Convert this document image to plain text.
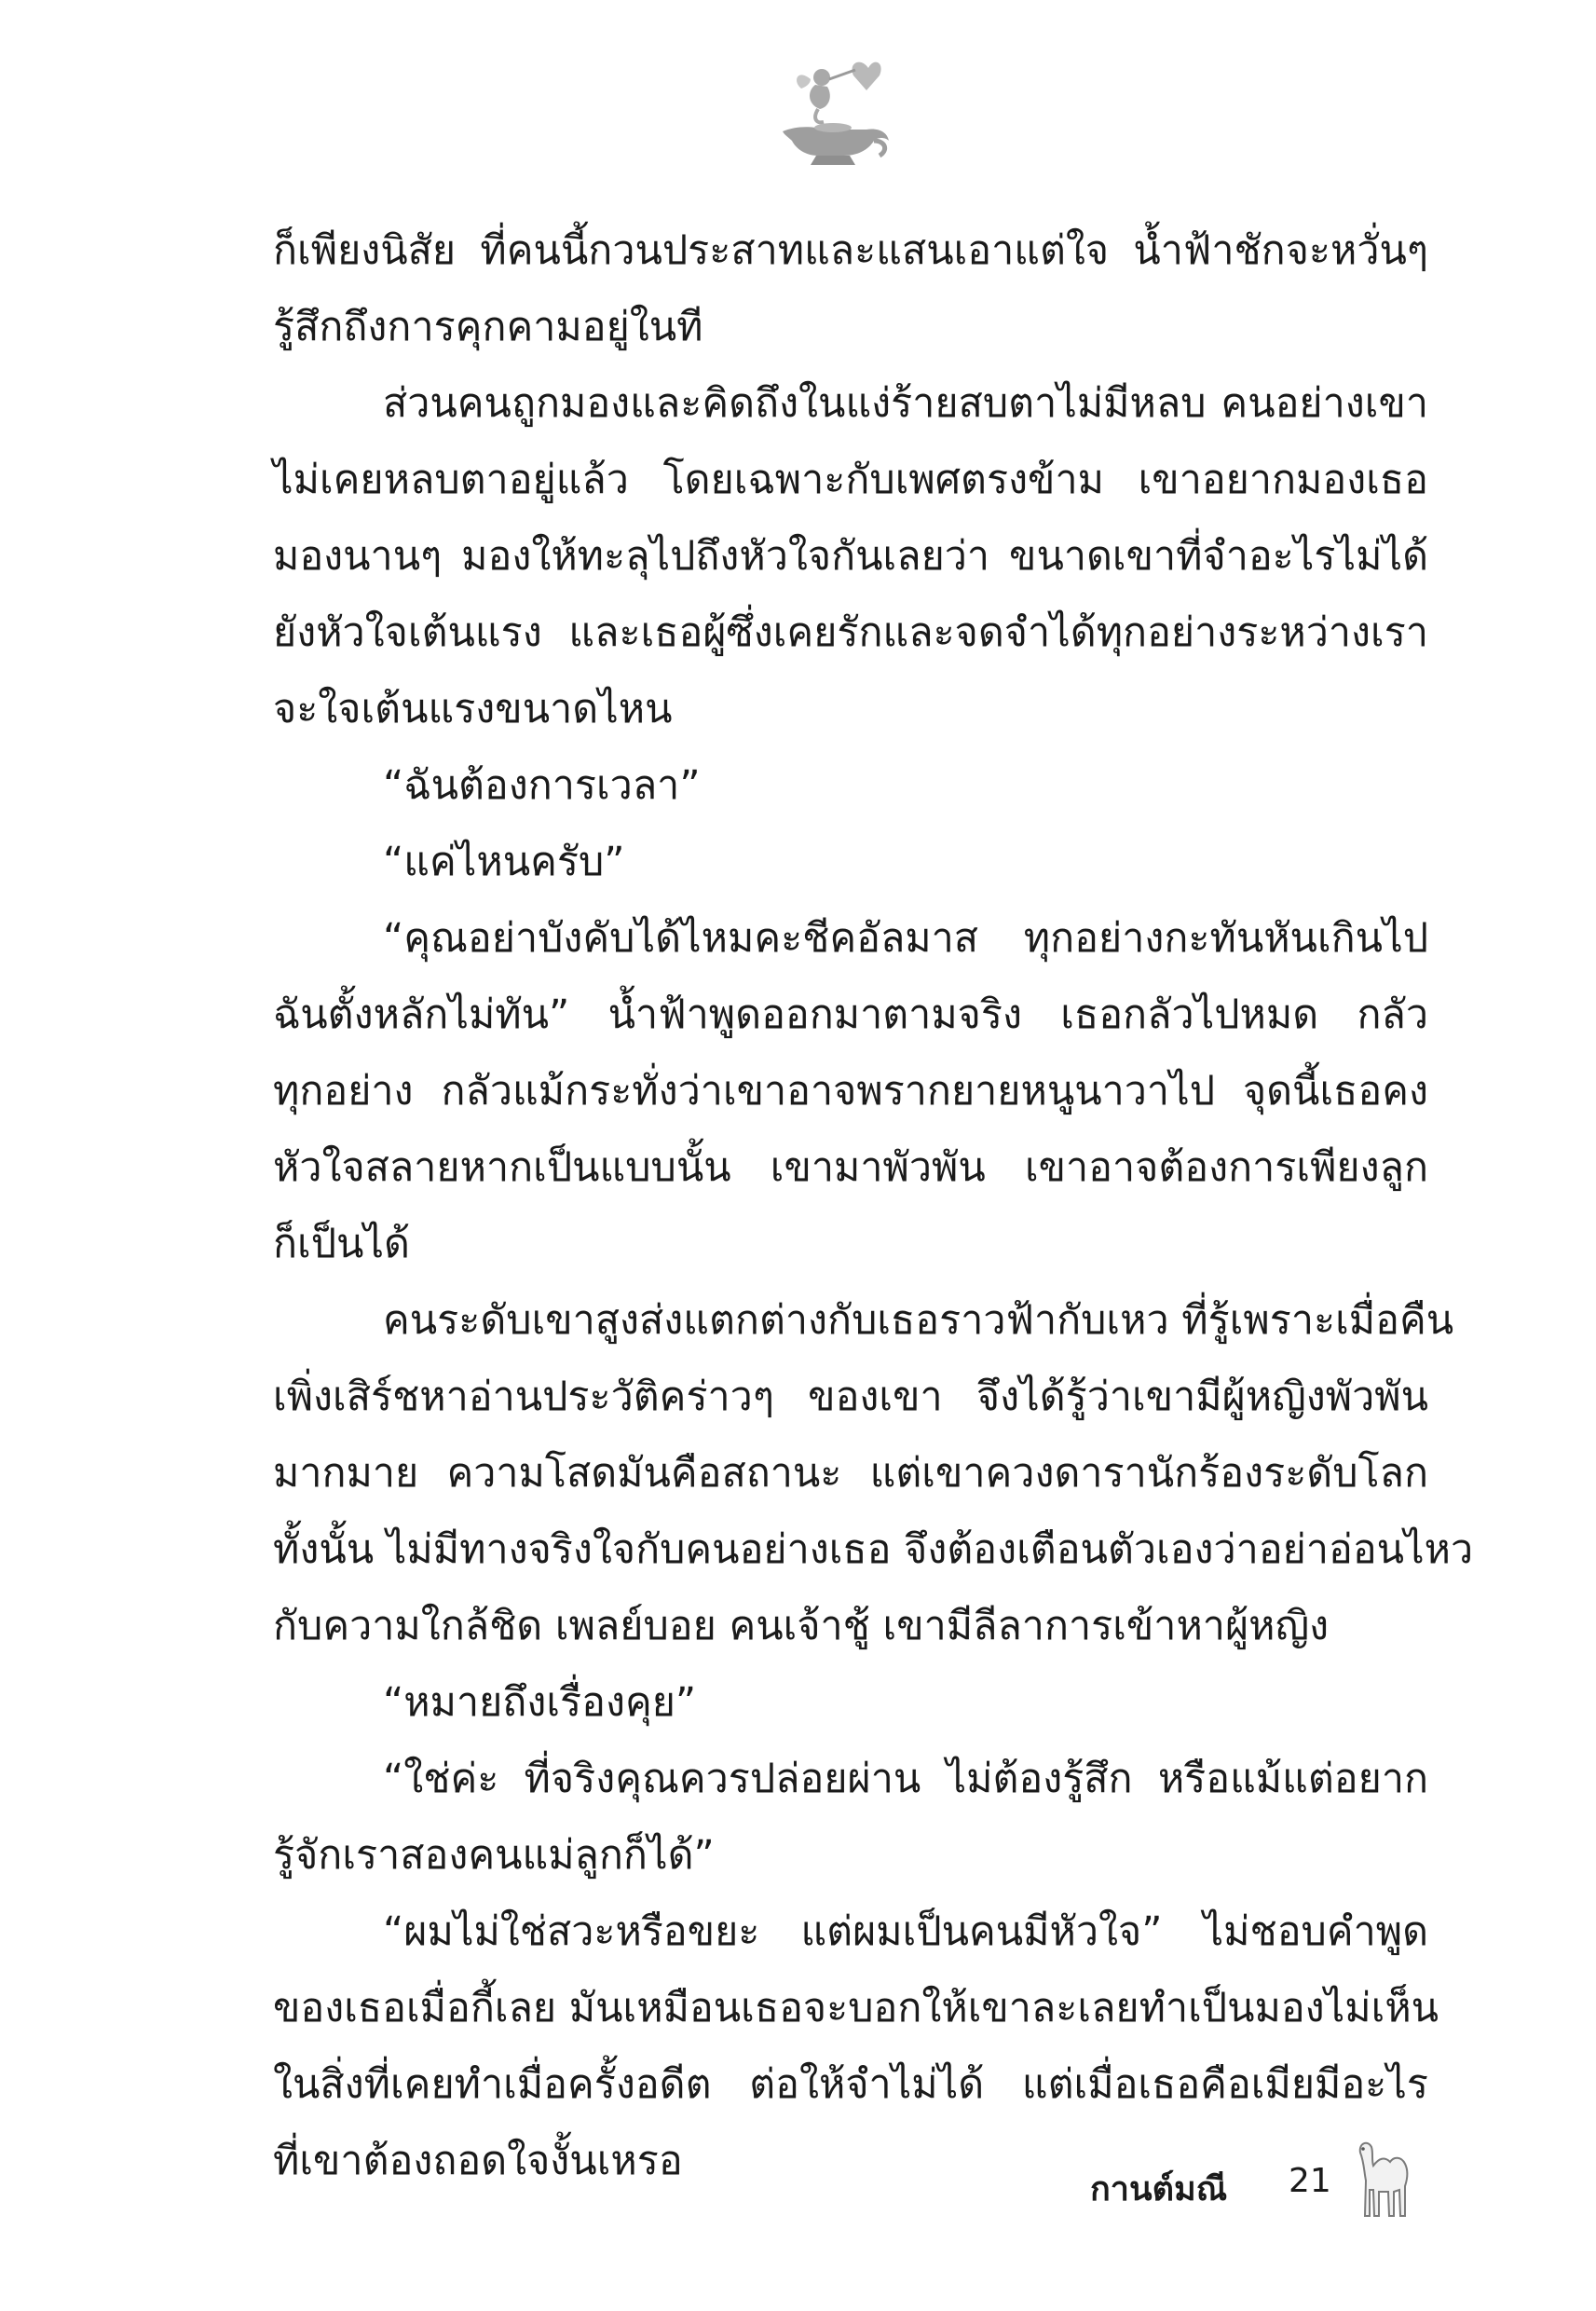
ก็เพียงนิสัย ที่คนนี้กวนประสาทและแสนเอาแต่ใจ น้ำฟ้าชักจะหวั่นๆ
รู้สึกถึงการคุกคามอยู่ในที
ส่วนคนถูกมองและคิดถึงในแง่ร้ายสบตาไม่มีหลบ คนอย่างเขา
ไม่เคยหลบตาอยู่แล้ว โดยเฉพาะกับเพศตรงข้าม เขาอยากมองเธอ
มองนานๆ มองให้ทะลุไปถึงหัวใจกันเลยว่า ขนาดเขาที่จำอะไรไม่ได้
ยังหัวใจเต้นแรง และเธอผู้ซึ่งเคยรักและจดจำได้ทุกอย่างระหว่างเรา
จะใจเต้นแรงขนาดไหน
“ฉันต้องการเวลา”
“แค่ไหนครับ”
“คุณอย่าบังคับได้ไหมคะชีคอัลมาส ทุกอย่างกะทันหันเกินไป
ฉันตั้งหลักไม่ทัน” น้ำฟ้าพูดออกมาตามจริง เธอกลัวไปหมด กลัว
ทุกอย่าง กลัวแม้กระทั่งว่าเขาอาจพรากยายหนูนาวาไป จุดนี้เธอคง
หัวใจสลายหากเป็นแบบนั้น เขามาพัวพัน เขาอาจต้องการเพียงลูก
ก็เป็นได้
คนระดับเขาสูงส่งแตกต่างกับเธอราวฟ้ากับเหว ที่รู้เพราะเมื่อคืน
เพิ่งเสิร์ชหาอ่านประวัติคร่าวๆ ของเขา จึงได้รู้ว่าเขามีผู้หญิงพัวพัน
มากมาย ความโสดมันคือสถานะ แต่เขาควงดารานักร้องระดับโลก
ทั้งนั้น ไม่มีทางจริงใจกับคนอย่างเธอ จึงต้องเตือนตัวเองว่าอย่าอ่อนไหว
กับความใกล้ชิด เพลย์บอย คนเจ้าชู้ เขามีลีลาการเข้าหาผู้หญิง
“หมายถึงเรื่องคุย”
“ใช่ค่ะ ที่จริงคุณควรปล่อยผ่าน ไม่ต้องรู้สึก หรือแม้แต่อยาก
รู้จักเราสองคนแม่ลูกก็ได้”
“ผมไม่ใช่สวะหรือขยะ แต่ผมเป็นคนมีหัวใจ” ไม่ชอบคำพูด
ของเธอเมื่อกี้เลย มันเหมือนเธอจะบอกให้เขาละเลยทำเป็นมองไม่เห็น
ในสิ่งที่เคยทำเมื่อครั้งอดีต ต่อให้จำไม่ได้ แต่เมื่อเธอคือเมียมีอะไร
ที่เขาต้องถอดใจงั้นเหรอ
กานต์มณี 21
